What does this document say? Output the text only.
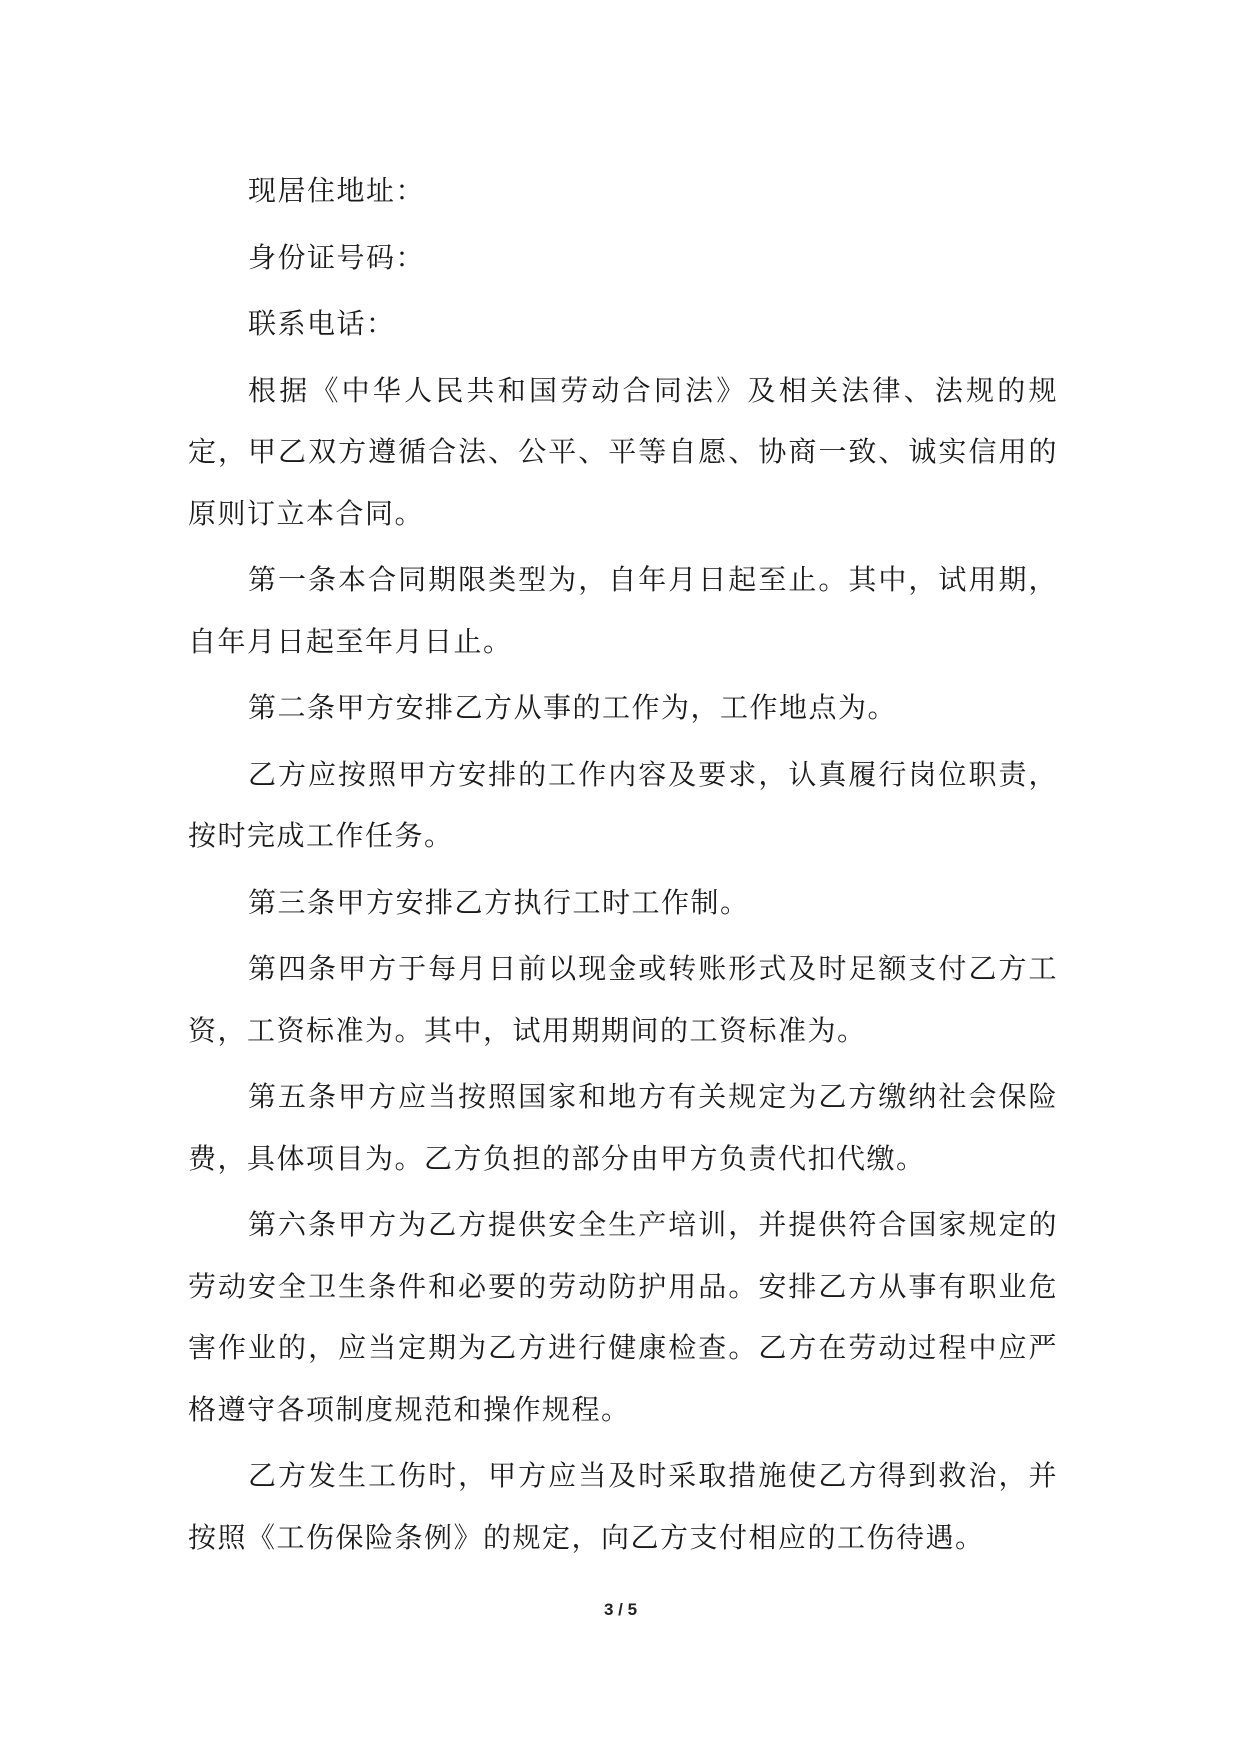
现居住地址：

身份证号码：

联系电话：

根据《中华人民共和国劳动合同法》及相关法律、法规的规定，甲乙双方遵循合法、公平、平等自愿、协商一致、诚实信用的原则订立本合同。

第一条本合同期限类型为，自年月日起至止。其中，试用期，自年月日起至年月日止。

第二条甲方安排乙方从事的工作为，工作地点为。

乙方应按照甲方安排的工作内容及要求，认真履行岗位职责，按时完成工作任务。

第三条甲方安排乙方执行工时工作制。

第四条甲方于每月日前以现金或转账形式及时足额支付乙方工资，工资标准为。其中，试用期期间的工资标准为。

第五条甲方应当按照国家和地方有关规定为乙方缴纳社会保险费，具体项目为。乙方负担的部分由甲方负责代扣代缴。

第六条甲方为乙方提供安全生产培训，并提供符合国家规定的劳动安全卫生条件和必要的劳动防护用品。安排乙方从事有职业危害作业的，应当定期为乙方进行健康检查。乙方在劳动过程中应严格遵守各项制度规范和操作规程。

乙方发生工伤时，甲方应当及时采取措施使乙方得到救治，并按照《工伤保险条例》的规定，向乙方支付相应的工伤待遇。

3 / 5
